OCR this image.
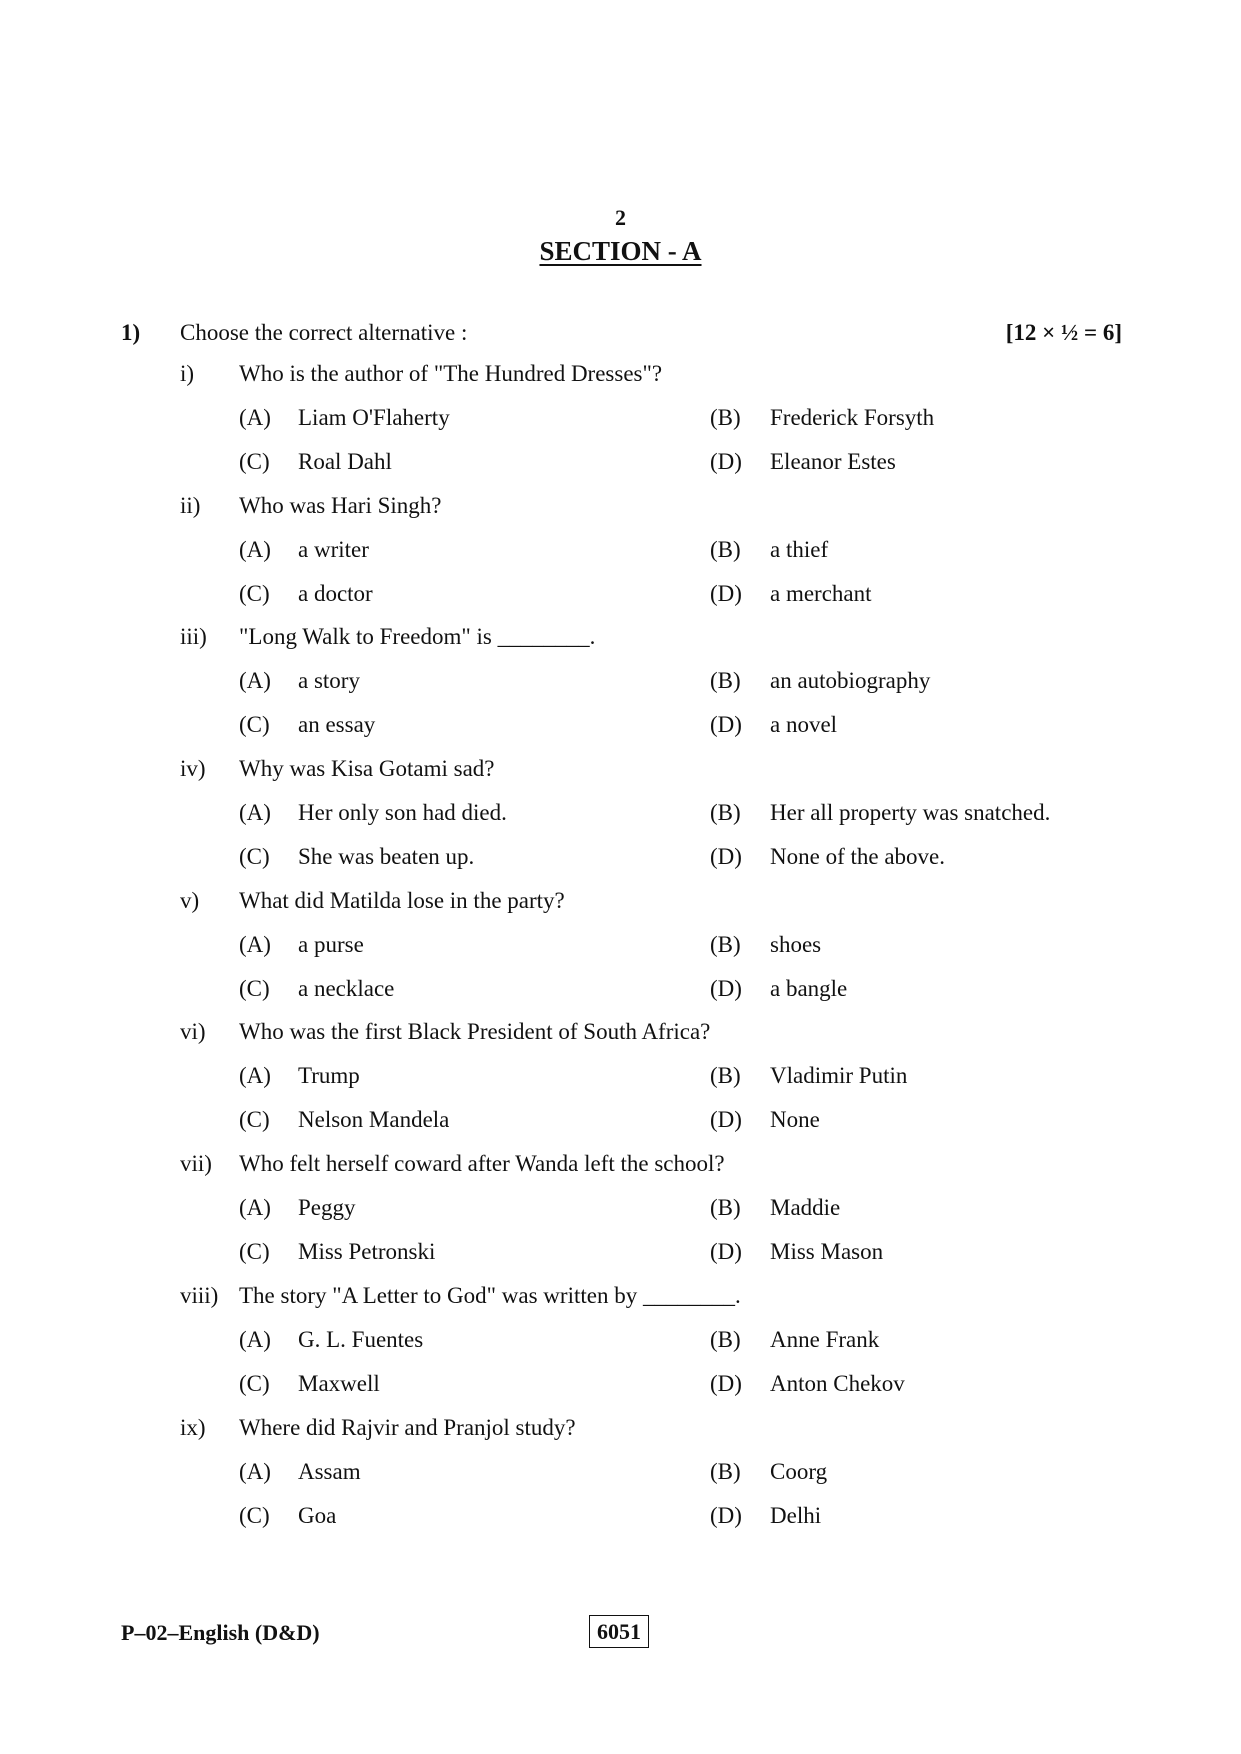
2
SECTION - A
1) Choose the correct alternative :	[12 × ½ = 6]
i) Who is the author of "The Hundred Dresses"?
(A) Liam O'Flaherty	(B) Frederick Forsyth
(C) Roal Dahl	(D) Eleanor Estes
ii) Who was Hari Singh?
(A) a writer	(B) a thief
(C) a doctor	(D) a merchant
iii) "Long Walk to Freedom" is ________.
(A) a story	(B) an autobiography
(C) an essay	(D) a novel
iv) Why was Kisa Gotami sad?
(A) Her only son had died.	(B) Her all property was snatched.
(C) She was beaten up.	(D) None of the above.
v) What did Matilda lose in the party?
(A) a purse	(B) shoes
(C) a necklace	(D) a bangle
vi) Who was the first Black President of South Africa?
(A) Trump	(B) Vladimir Putin
(C) Nelson Mandela	(D) None
vii) Who felt herself coward after Wanda left the school?
(A) Peggy	(B) Maddie
(C) Miss Petronski	(D) Miss Mason
viii) The story "A Letter to God" was written by ________.
(A) G. L. Fuentes	(B) Anne Frank
(C) Maxwell	(D) Anton Chekov
ix) Where did Rajvir and Pranjol study?
(A) Assam	(B) Coorg
(C) Goa	(D) Delhi
P–02–English (D&D)	6051
